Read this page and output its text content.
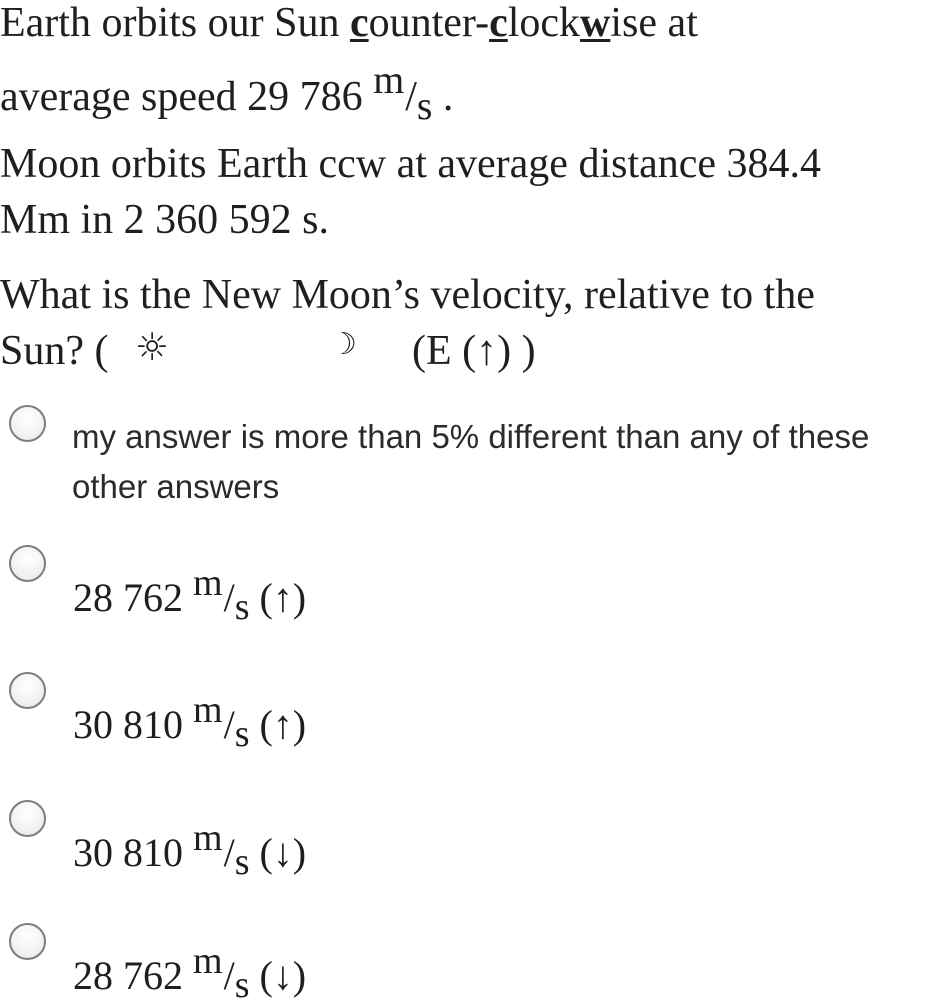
Earth orbits our Sun counter-clockwise at
average speed 29 786 m/s .
Moon orbits Earth ccw at average distance 384.4
Mm in 2 360 592 s.
What is the New Moon’s velocity, relative to the
Sun? ( ☼	☾ (E (↑) )
my answer is more than 5% different than any of these other answers
28 762 m/s (↑)
30 810 m/s (↑)
30 810 m/s (↓)
28 762 m/s (↓)
